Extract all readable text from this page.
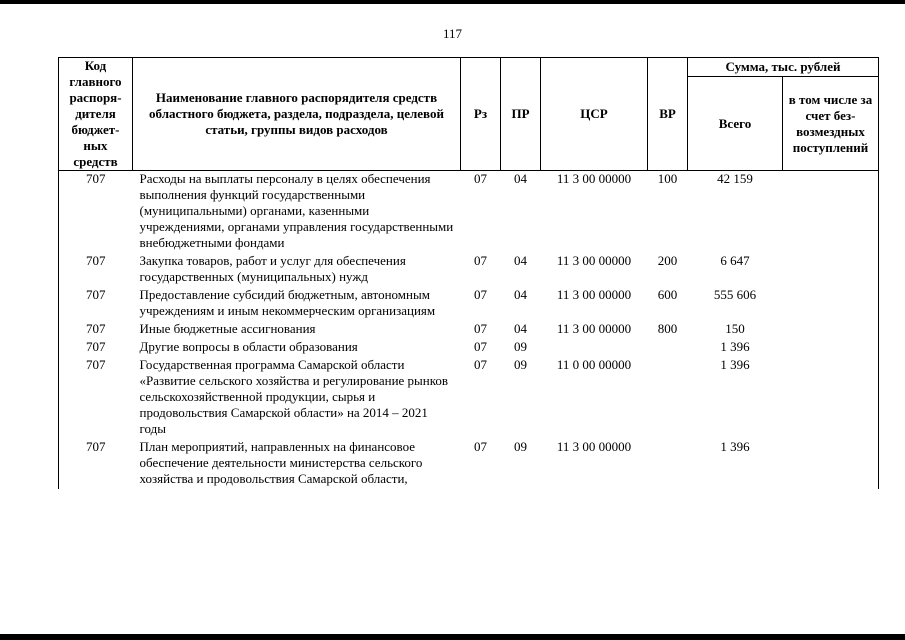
117
Код главного распоря-дителя бюджет-ных средств	Наименование главного распорядителя средств областного бюджета, раздела, подраздела, целевой статьи, группы видов расходов	Рз	ПР	ЦСР	ВР	Сумма, тыс. рублей	
						Всего	в том числе за счет без-возмездных поступлений
707	Расходы на выплаты персоналу в целях обеспечения выполнения функций государственными (муниципальными) органами, казенными учреждениями, органами управления государственными внебюджетными фондами	07	04	11 3 00 00000	100	42 159	
707	Закупка товаров, работ и услуг для обеспечения государственных (муниципальных) нужд	07	04	11 3 00 00000	200	6 647	
707	Предоставление субсидий бюджетным, автономным учреждениям и иным некоммерческим организациям	07	04	11 3 00 00000	600	555 606	
707	Иные бюджетные ассигнования	07	04	11 3 00 00000	800	150	
707	Другие вопросы в области образования	07	09			1 396	
707	Государственная программа Самарской области «Развитие сельского хозяйства и регулирование рынков сельскохозяйственной продукции, сырья и продовольствия Самарской области» на 2014 – 2021 годы	07	09	11 0 00 00000		1 396	
707	План мероприятий, направленных на финансовое обеспечение деятельности министерства сельского хозяйства и продовольствия Самарской области,	07	09	11 3 00 00000		1 396	
